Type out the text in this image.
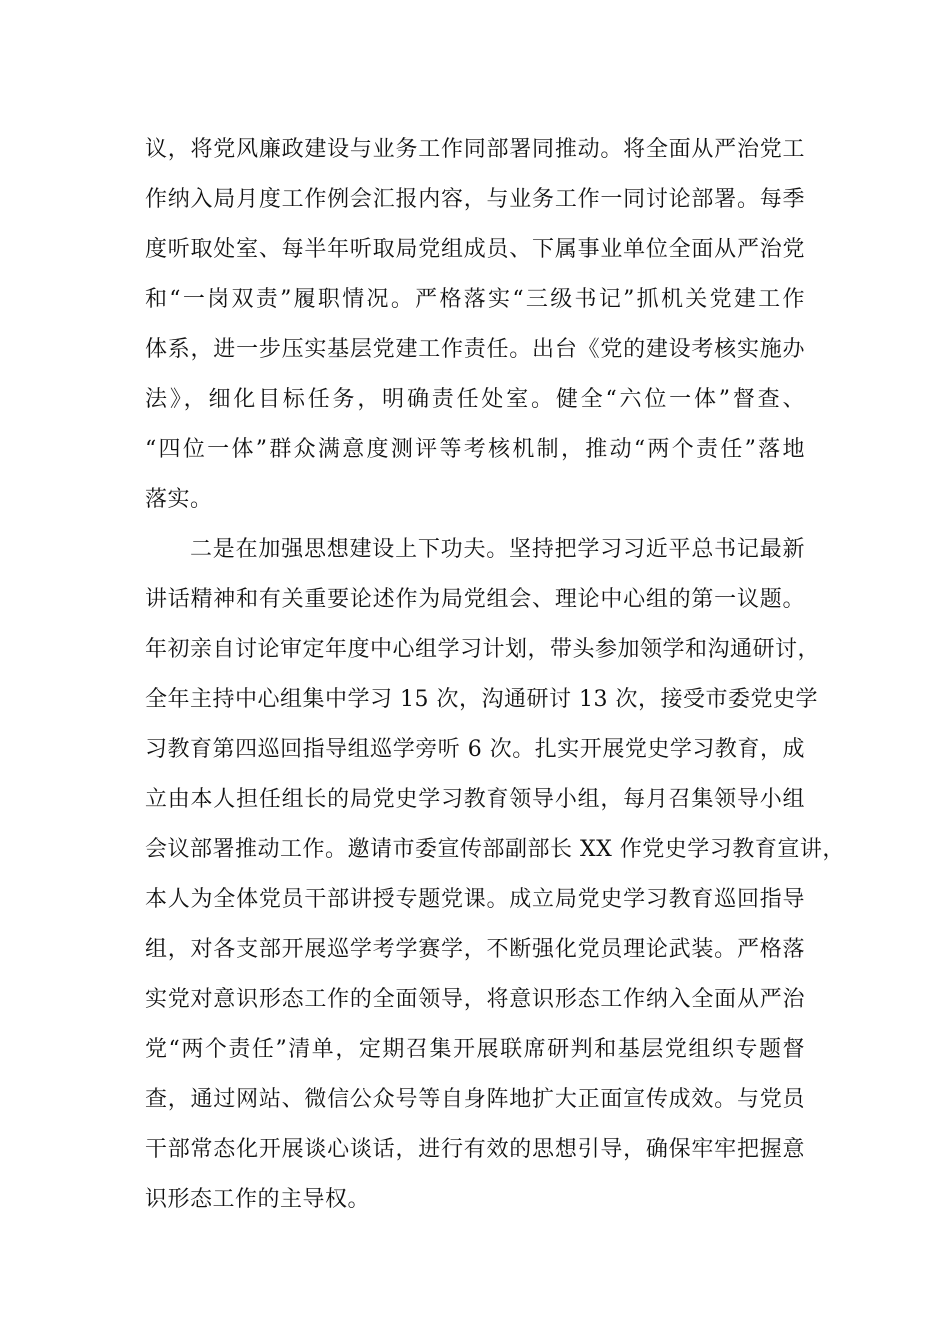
议，将党风廉政建设与业务工作同部署同推动。将全面从严治党工
作纳入局月度工作例会汇报内容，与业务工作一同讨论部署。每季
度听取处室、每半年听取局党组成员、下属事业单位全面从严治党
和“一岗双责”履职情况。严格落实“三级书记”抓机关党建工作
体系，进一步压实基层党建工作责任。出台《党的建设考核实施办
法》，细化目标任务，明确责任处室。健全“六位一体”督查、
“四位一体”群众满意度测评等考核机制，推动“两个责任”落地
落实。
二是在加强思想建设上下功夫。坚持把学习习近平总书记最新
讲话精神和有关重要论述作为局党组会、理论中心组的第一议题。
年初亲自讨论审定年度中心组学习计划，带头参加领学和沟通研讨，
全年主持中心组集中学习 15 次，沟通研讨 13 次，接受市委党史学
习教育第四巡回指导组巡学旁听 6 次。扎实开展党史学习教育，成
立由本人担任组长的局党史学习教育领导小组，每月召集领导小组
会议部署推动工作。邀请市委宣传部副部长 XX 作党史学习教育宣讲，
本人为全体党员干部讲授专题党课。成立局党史学习教育巡回指导
组，对各支部开展巡学考学赛学，不断强化党员理论武装。严格落
实党对意识形态工作的全面领导，将意识形态工作纳入全面从严治
党“两个责任”清单，定期召集开展联席研判和基层党组织专题督
查，通过网站、微信公众号等自身阵地扩大正面宣传成效。与党员
干部常态化开展谈心谈话，进行有效的思想引导，确保牢牢把握意
识形态工作的主导权。
